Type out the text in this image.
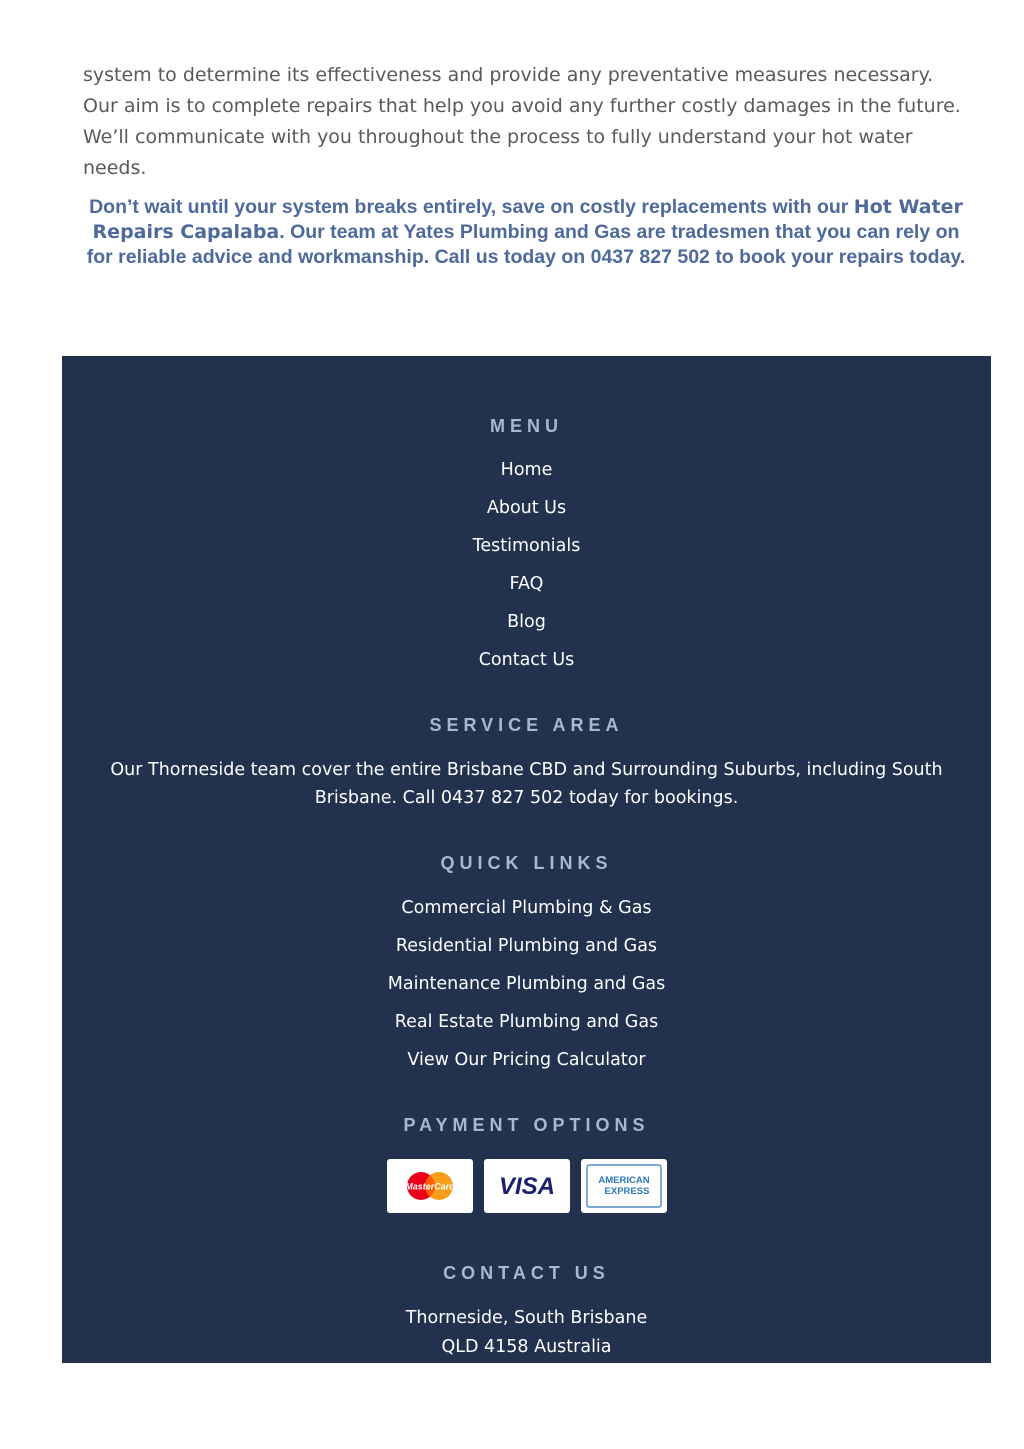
system to determine its effectiveness and provide any preventative measures necessary. Our aim is to complete repairs that help you avoid any further costly damages in the future. We’ll communicate with you throughout the process to fully understand your hot water needs.

Don’t wait until your system breaks entirely, save on costly replacements with our Hot Water Repairs Capalaba. Our team at Yates Plumbing and Gas are tradesmen that you can rely on for reliable advice and workmanship. Call us today on 0437 827 502 to book your repairs today.

MENU
Home
About Us
Testimonials
FAQ
Blog
Contact Us
SERVICE AREA

Our Thorneside team cover the entire Brisbane CBD and Surrounding Suburbs, including South Brisbane. Call 0437 827 502 today for bookings.

QUICK LINKS
Commercial Plumbing & Gas
Residential Plumbing and Gas
Maintenance Plumbing and Gas
Real Estate Plumbing and Gas
View Our Pricing Calculator
PAYMENT OPTIONS
MasterCard VISA	AMERICAN
EXPRESS
CONTACT US

Thorneside, South Brisbane
QLD 4158 Australia
